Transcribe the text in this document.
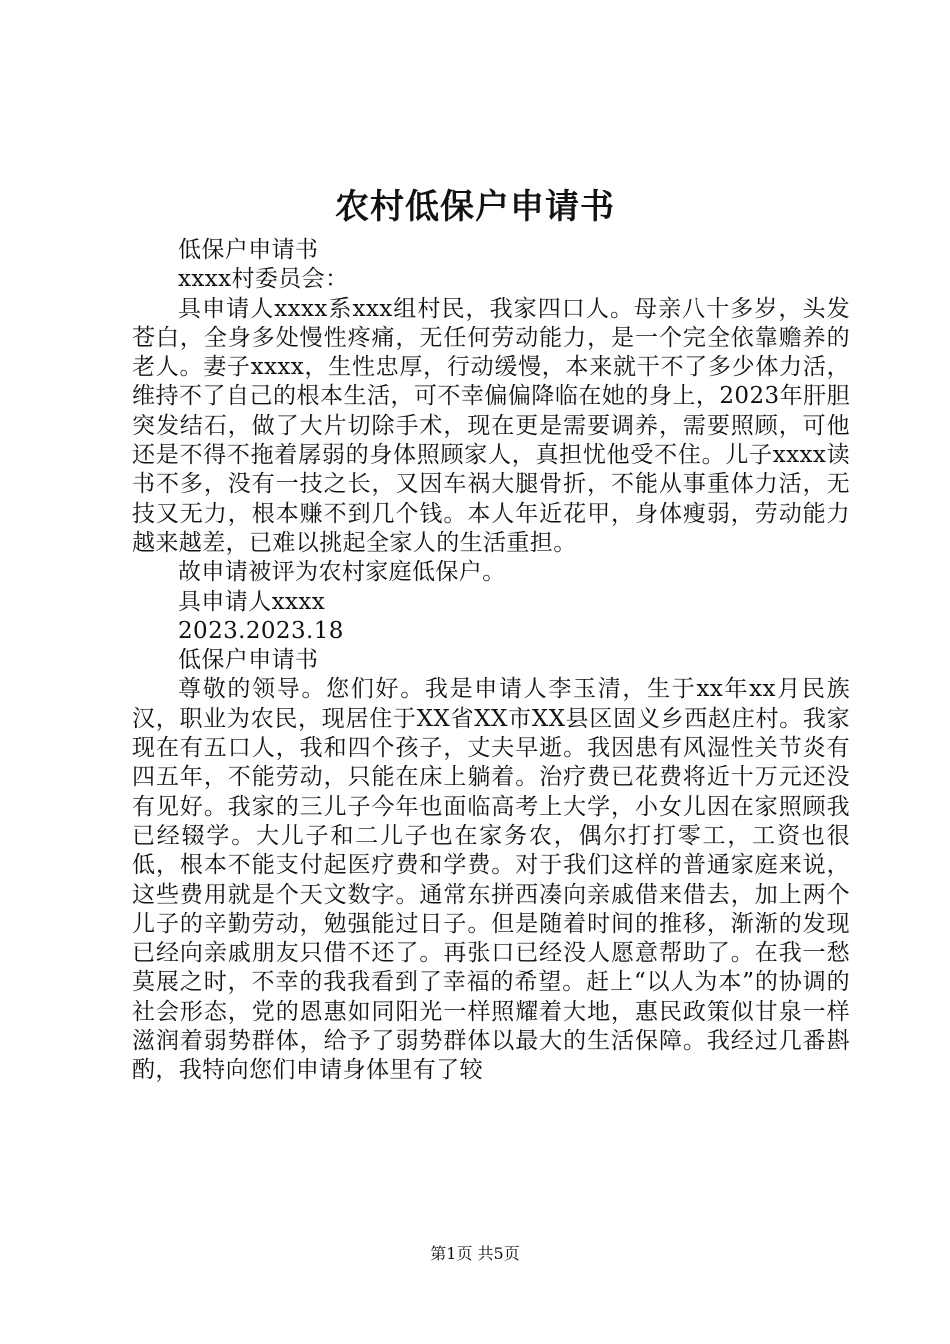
农村低保户申请书

低保户申请书

xxxx村委员会：

具申请人xxxx系xxx组村民，我家四口人。母亲八十多岁，头发苍白，全身多处慢性疼痛，无任何劳动能力，是一个完全依靠赡养的老人。妻子xxxx，生性忠厚，行动缓慢，本来就干不了多少体力活，维持不了自己的根本生活，可不幸偏偏降临在她的身上，2023年肝胆突发结石，做了大片切除手术，现在更是需要调养，需要照顾，可他还是不得不拖着孱弱的身体照顾家人，真担忧他受不住。儿子xxxx读书不多，没有一技之长，又因车祸大腿骨折，不能从事重体力活，无技又无力，根本赚不到几个钱。本人年近花甲，身体瘦弱，劳动能力越来越差，已难以挑起全家人的生活重担。

故申请被评为农村家庭低保户。

具申请人xxxx

2023.2023.18

低保户申请书

尊敬的领导。您们好。我是申请人李玉清，生于xx年xx月民族汉，职业为农民，现居住于XX省XX市XX县区固义乡西赵庄村。我家现在有五口人，我和四个孩子，丈夫早逝。我因患有风湿性关节炎有四五年，不能劳动，只能在床上躺着。治疗费已花费将近十万元还没有见好。我家的三儿子今年也面临高考上大学，小女儿因在家照顾我已经辍学。大儿子和二儿子也在家务农，偶尔打打零工，工资也很低，根本不能支付起医疗费和学费。对于我们这样的普通家庭来说，这些费用就是个天文数字。通常东拼西凑向亲戚借来借去，加上两个儿子的辛勤劳动，勉强能过日子。但是随着时间的推移，渐渐的发现已经向亲戚朋友只借不还了。再张口已经没人愿意帮助了。在我一愁莫展之时，不幸的我我看到了幸福的希望。赶上“以人为本”的协调的社会形态，党的恩惠如同阳光一样照耀着大地，惠民政策似甘泉一样滋润着弱势群体，给予了弱势群体以最大的生活保障。我经过几番斟酌，我特向您们申请身体里有了较

第1页 共5页
